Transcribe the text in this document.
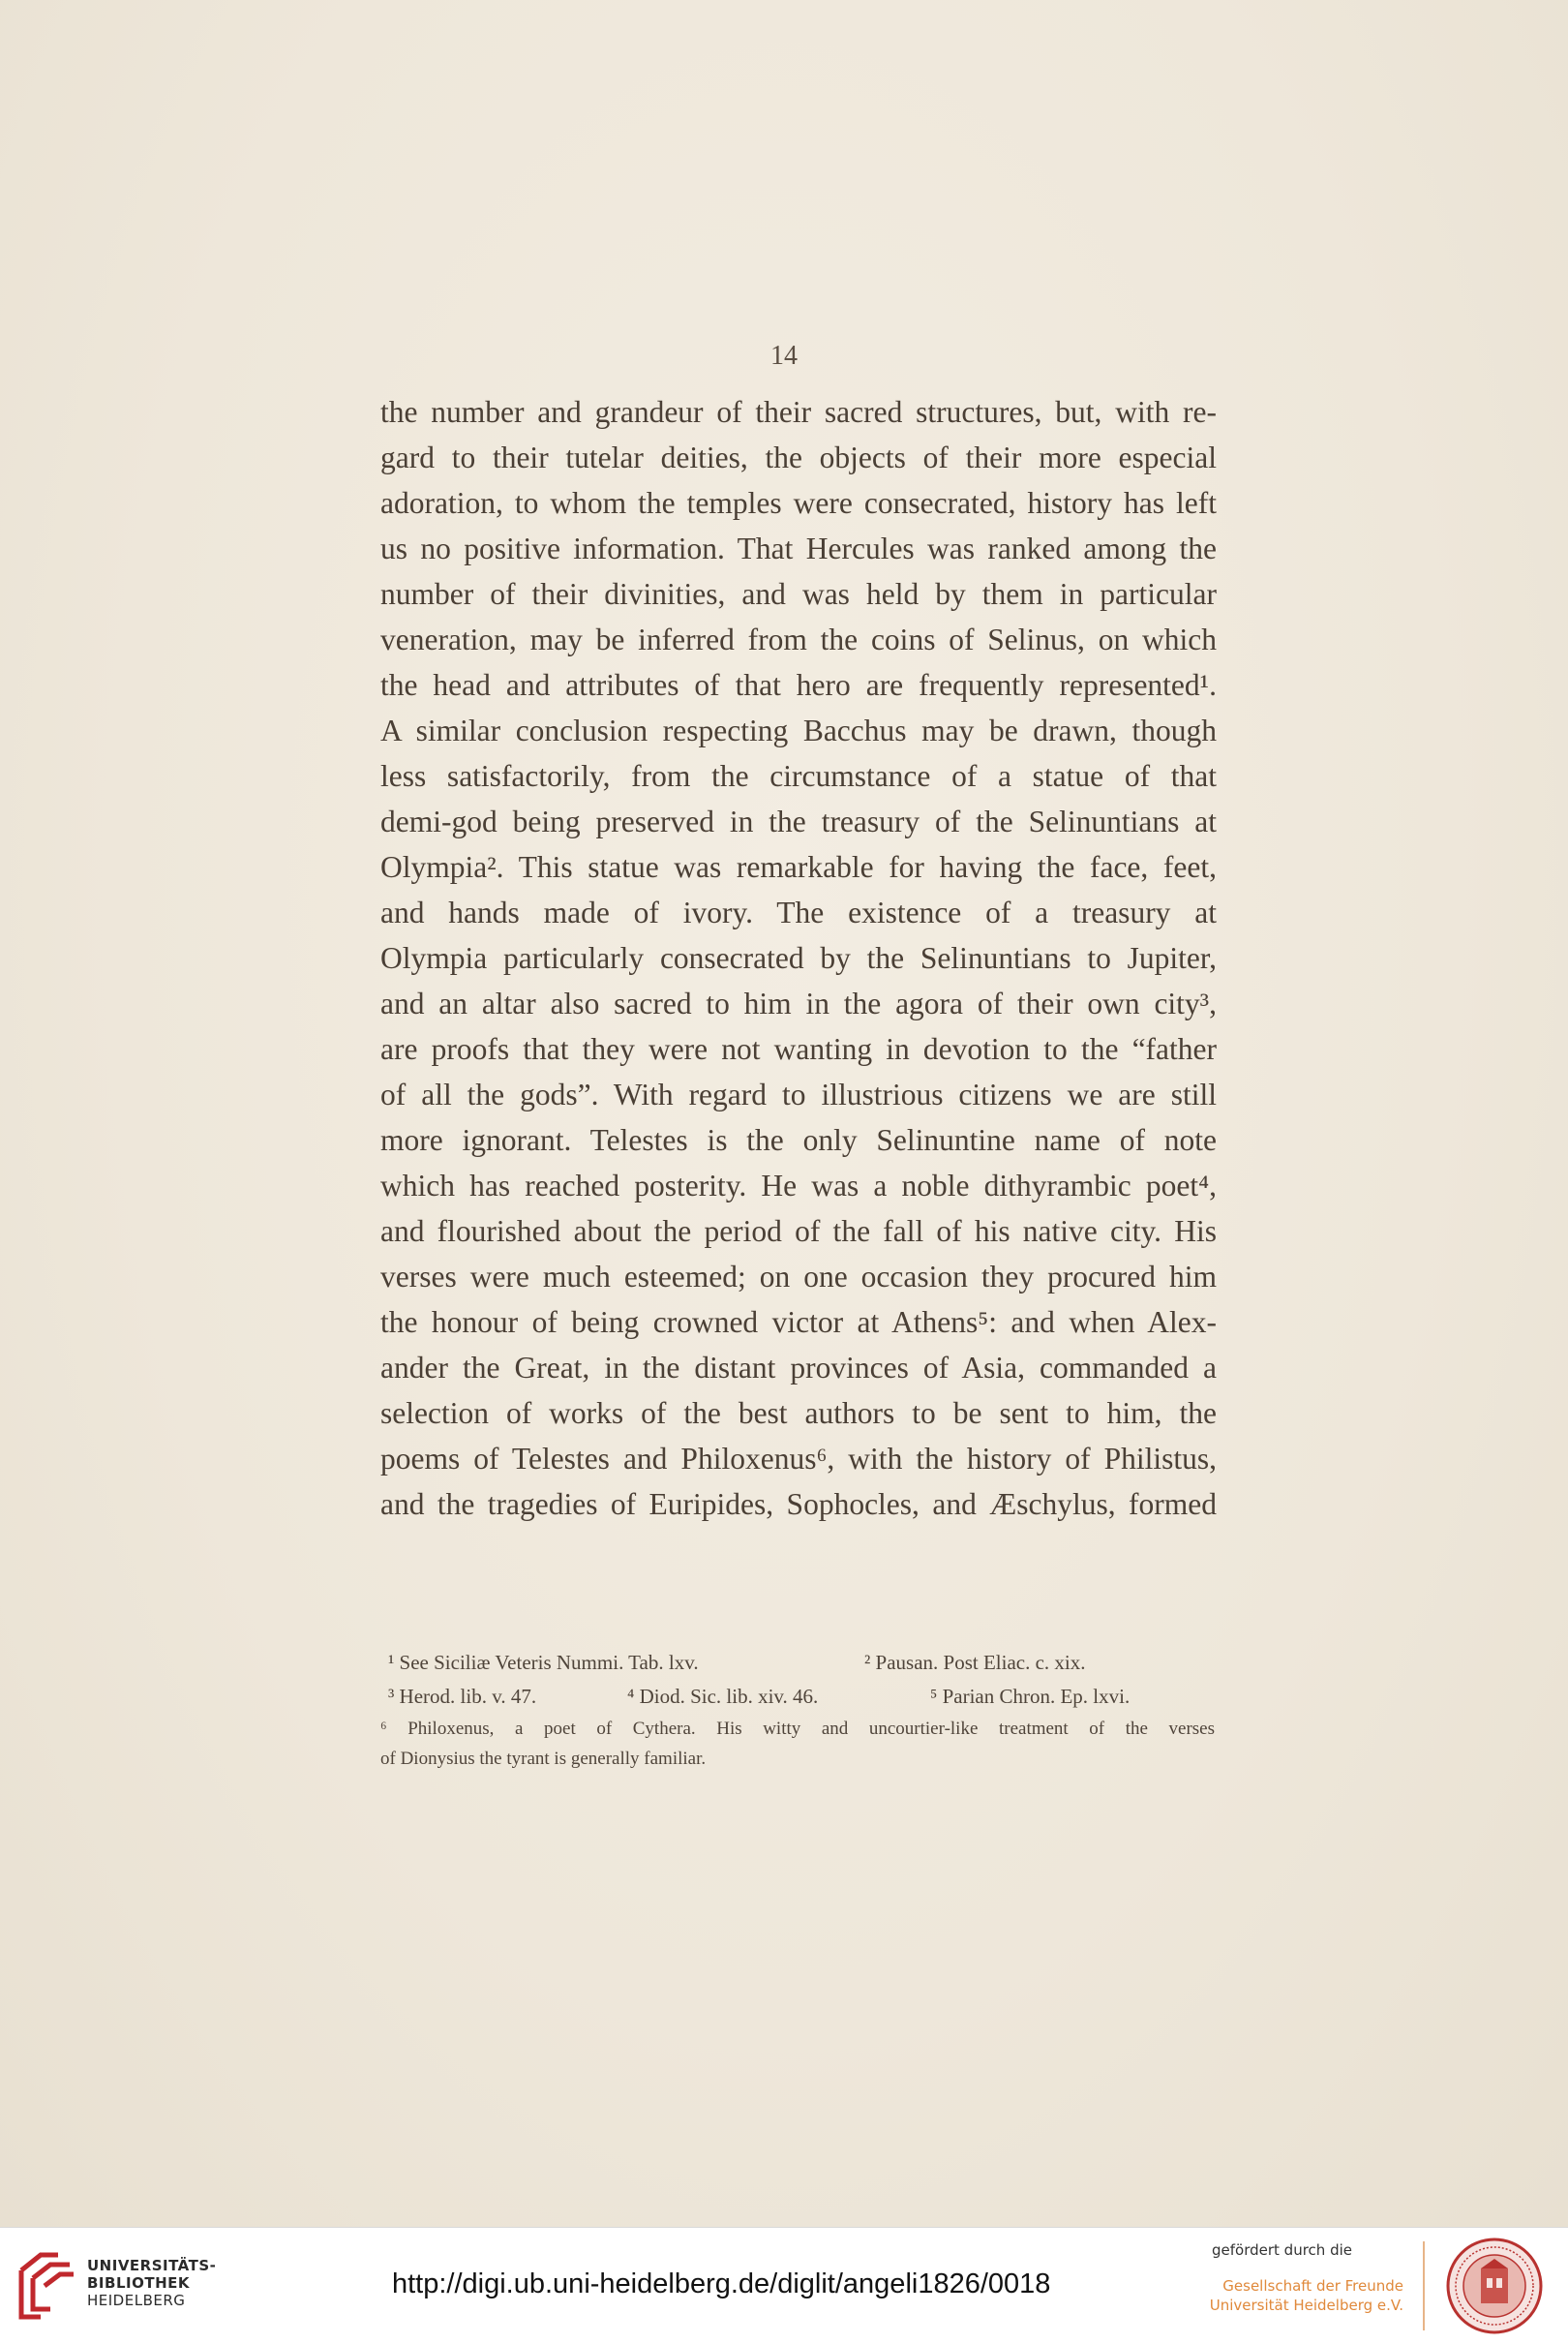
14
the number and grandeur of their sacred structures, but, with re-
gard to their tutelar deities, the objects of their more especial
adoration, to whom the temples were consecrated, history has left
us no positive information. That Hercules was ranked among the
number of their divinities, and was held by them in particular
veneration, may be inferred from the coins of Selinus, on which
the head and attributes of that hero are frequently represented¹.
A similar conclusion respecting Bacchus may be drawn, though
less satisfactorily, from the circumstance of a statue of that
demi-god being preserved in the treasury of the Selinuntians at
Olympia². This statue was remarkable for having the face, feet,
and hands made of ivory. The existence of a treasury at
Olympia particularly consecrated by the Selinuntians to Jupiter,
and an altar also sacred to him in the agora of their own city³,
are proofs that they were not wanting in devotion to the “father
of all the gods”. With regard to illustrious citizens we are still
more ignorant. Telestes is the only Selinuntine name of note
which has reached posterity. He was a noble dithyrambic poet⁴,
and flourished about the period of the fall of his native city. His
verses were much esteemed; on one occasion they procured him
the honour of being crowned victor at Athens⁵: and when Alex-
ander the Great, in the distant provinces of Asia, commanded a
selection of works of the best authors to be sent to him, the
poems of Telestes and Philoxenus⁶, with the history of Philistus,
and the tragedies of Euripides, Sophocles, and Æschylus, formed
¹ See Siciliæ Veteris Nummi. Tab. lxv.	² Pausan. Post Eliac. c. xix.
³ Herod. lib. v. 47.	⁴ Diod. Sic. lib. xiv. 46.	⁵ Parian Chron. Ep. lxvi.
⁶ Philoxenus, a poet of Cythera. His witty and uncourtier-like treatment of the verses
of Dionysius the tyrant is generally familiar.
UNIVERSITÄTS-
BIBLIOTHEK
HEIDELBERG
http://digi.ub.uni-heidelberg.de/diglit/angeli1826/0018
gefördert durch die
Gesellschaft der Freunde
Universität Heidelberg e.V.
